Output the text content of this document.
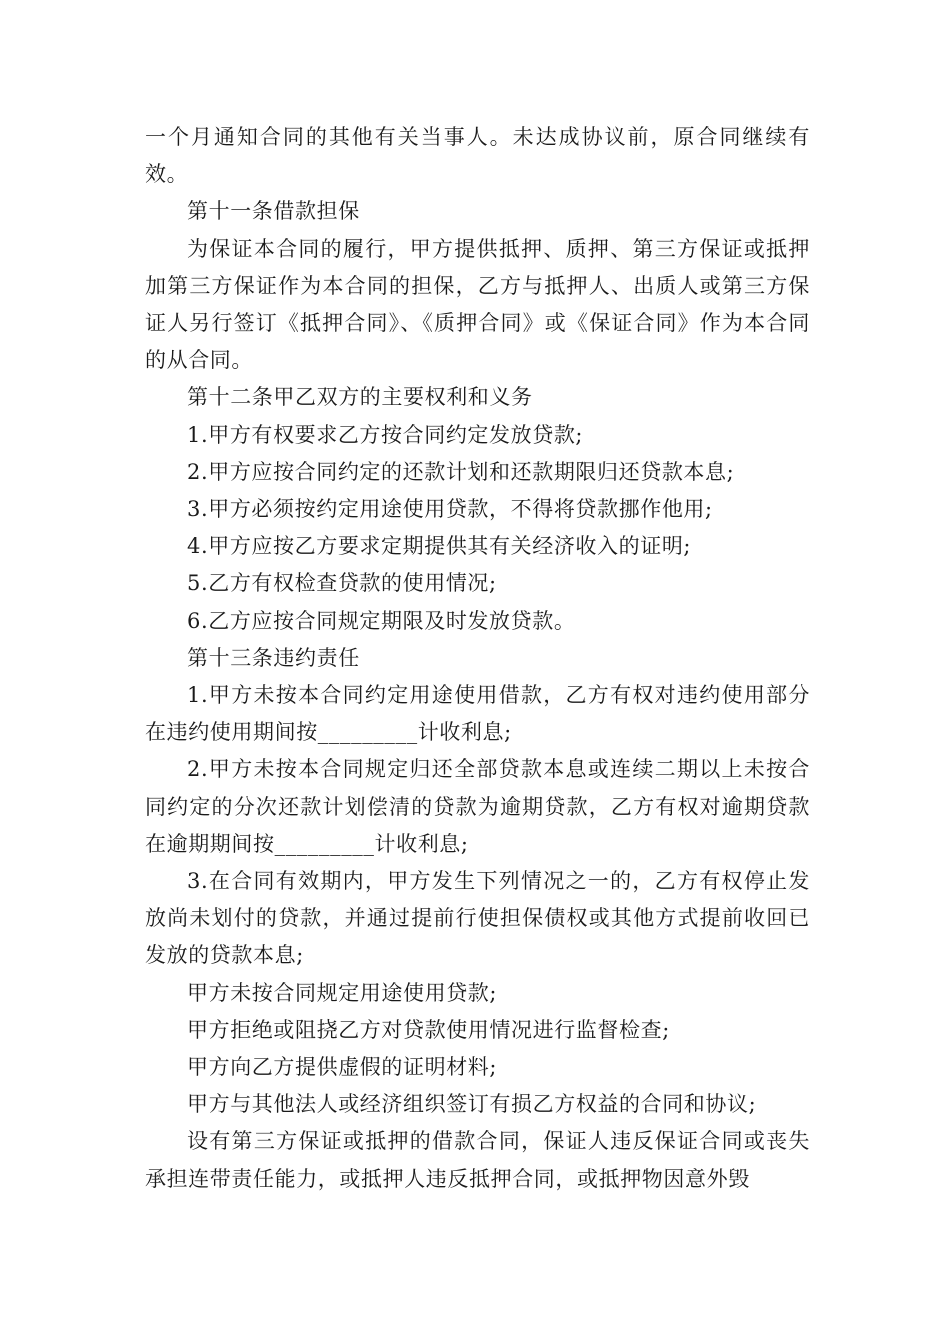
一个月通知合同的其他有关当事人。未达成协议前，原合同继续有效。

第十一条借款担保

为保证本合同的履行，甲方提供抵押、质押、第三方保证或抵押加第三方保证作为本合同的担保，乙方与抵押人、出质人或第三方保证人另行签订《抵押合同》、《质押合同》或《保证合同》作为本合同的从合同。

第十二条甲乙双方的主要权利和义务

1.甲方有权要求乙方按合同约定发放贷款;

2.甲方应按合同约定的还款计划和还款期限归还贷款本息;

3.甲方必须按约定用途使用贷款，不得将贷款挪作他用;

4.甲方应按乙方要求定期提供其有关经济收入的证明;

5.乙方有权检查贷款的使用情况;

6.乙方应按合同规定期限及时发放贷款。

第十三条违约责任

1.甲方未按本合同约定用途使用借款，乙方有权对违约使用部分在违约使用期间按_________计收利息;

2.甲方未按本合同规定归还全部贷款本息或连续二期以上未按合同约定的分次还款计划偿清的贷款为逾期贷款，乙方有权对逾期贷款在逾期期间按_________计收利息;

3.在合同有效期内，甲方发生下列情况之一的，乙方有权停止发放尚未划付的贷款，并通过提前行使担保债权或其他方式提前收回已发放的贷款本息;

甲方未按合同规定用途使用贷款;

甲方拒绝或阻挠乙方对贷款使用情况进行监督检查;

甲方向乙方提供虚假的证明材料;

甲方与其他法人或经济组织签订有损乙方权益的合同和协议;

设有第三方保证或抵押的借款合同，保证人违反保证合同或丧失承担连带责任能力，或抵押人违反抵押合同，或抵押物因意外毁
